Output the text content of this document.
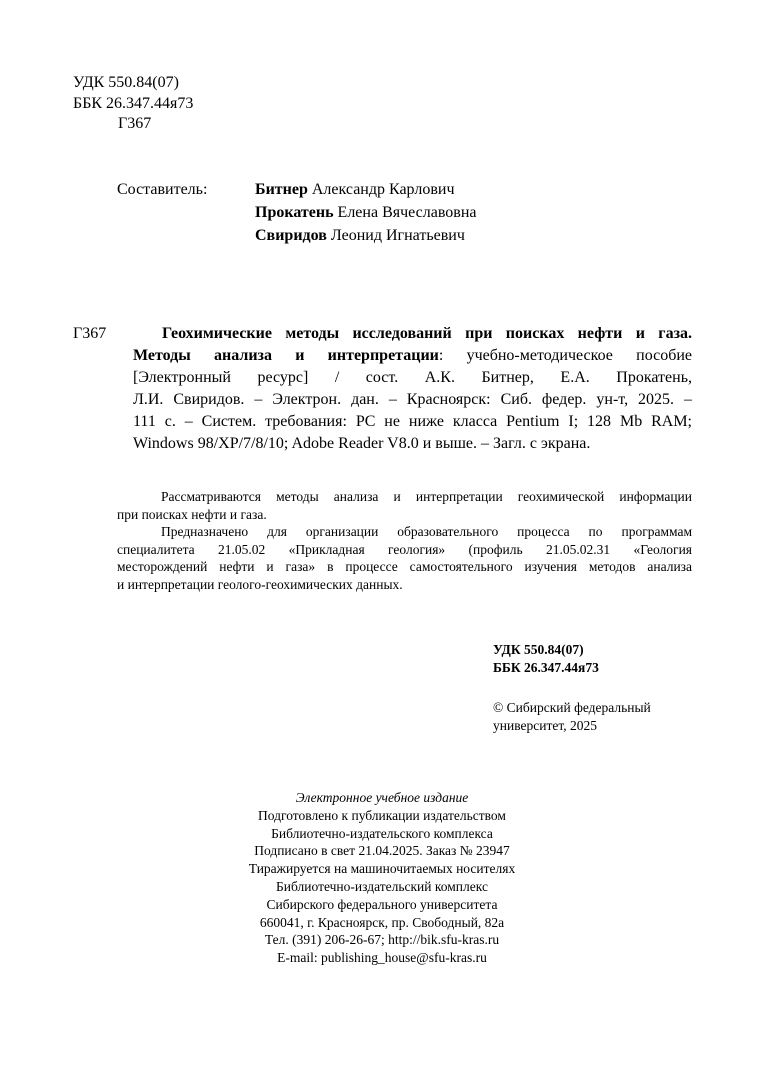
УДК 550.84(07)
ББК 26.347.44я73
Г367
Составитель:	Битнер Александр Карлович
Прокатень Елена Вячеславовна
Свиридов Леонид Игнатьевич
Г367	Геохимические методы исследований при поисках нефти и газа.
Методы анализа и интерпретации: учебно-методическое пособие
[Электронный ресурс] / сост. А.К. Битнер, Е.А. Прокатень,
Л.И. Свиридов. – Электрон. дан. – Красноярск: Сиб. федер. ун-т, 2025. –
111 с. – Систем. требования: PC не ниже класса Pentium I; 128 Mb RAM;
Windows 98/XP/7/8/10; Adobe Reader V8.0 и выше. – Загл. с экрана.
Рассматриваются методы анализа и интерпретации геохимической информации
при поисках нефти и газа.
Предназначено для организации образовательного процесса по программам
специалитета 21.05.02 «Прикладная геология» (профиль 21.05.02.31 «Геология
месторождений нефти и газа» в процессе самостоятельного изучения методов анализа
и интерпретации геолого-геохимических данных.
УДК 550.84(07)
ББК 26.347.44я73
© Сибирский федеральный
университет, 2025
Электронное учебное издание
Подготовлено к публикации издательством
Библиотечно-издательского комплекса
Подписано в свет 21.04.2025. Заказ № 23947
Тиражируется на машиночитаемых носителях
Библиотечно-издательский комплекс
Сибирского федерального университета
660041, г. Красноярск, пр. Свободный, 82а
Тел. (391) 206-26-67; http://bik.sfu-kras.ru
E-mail: publishing_house@sfu-kras.ru
